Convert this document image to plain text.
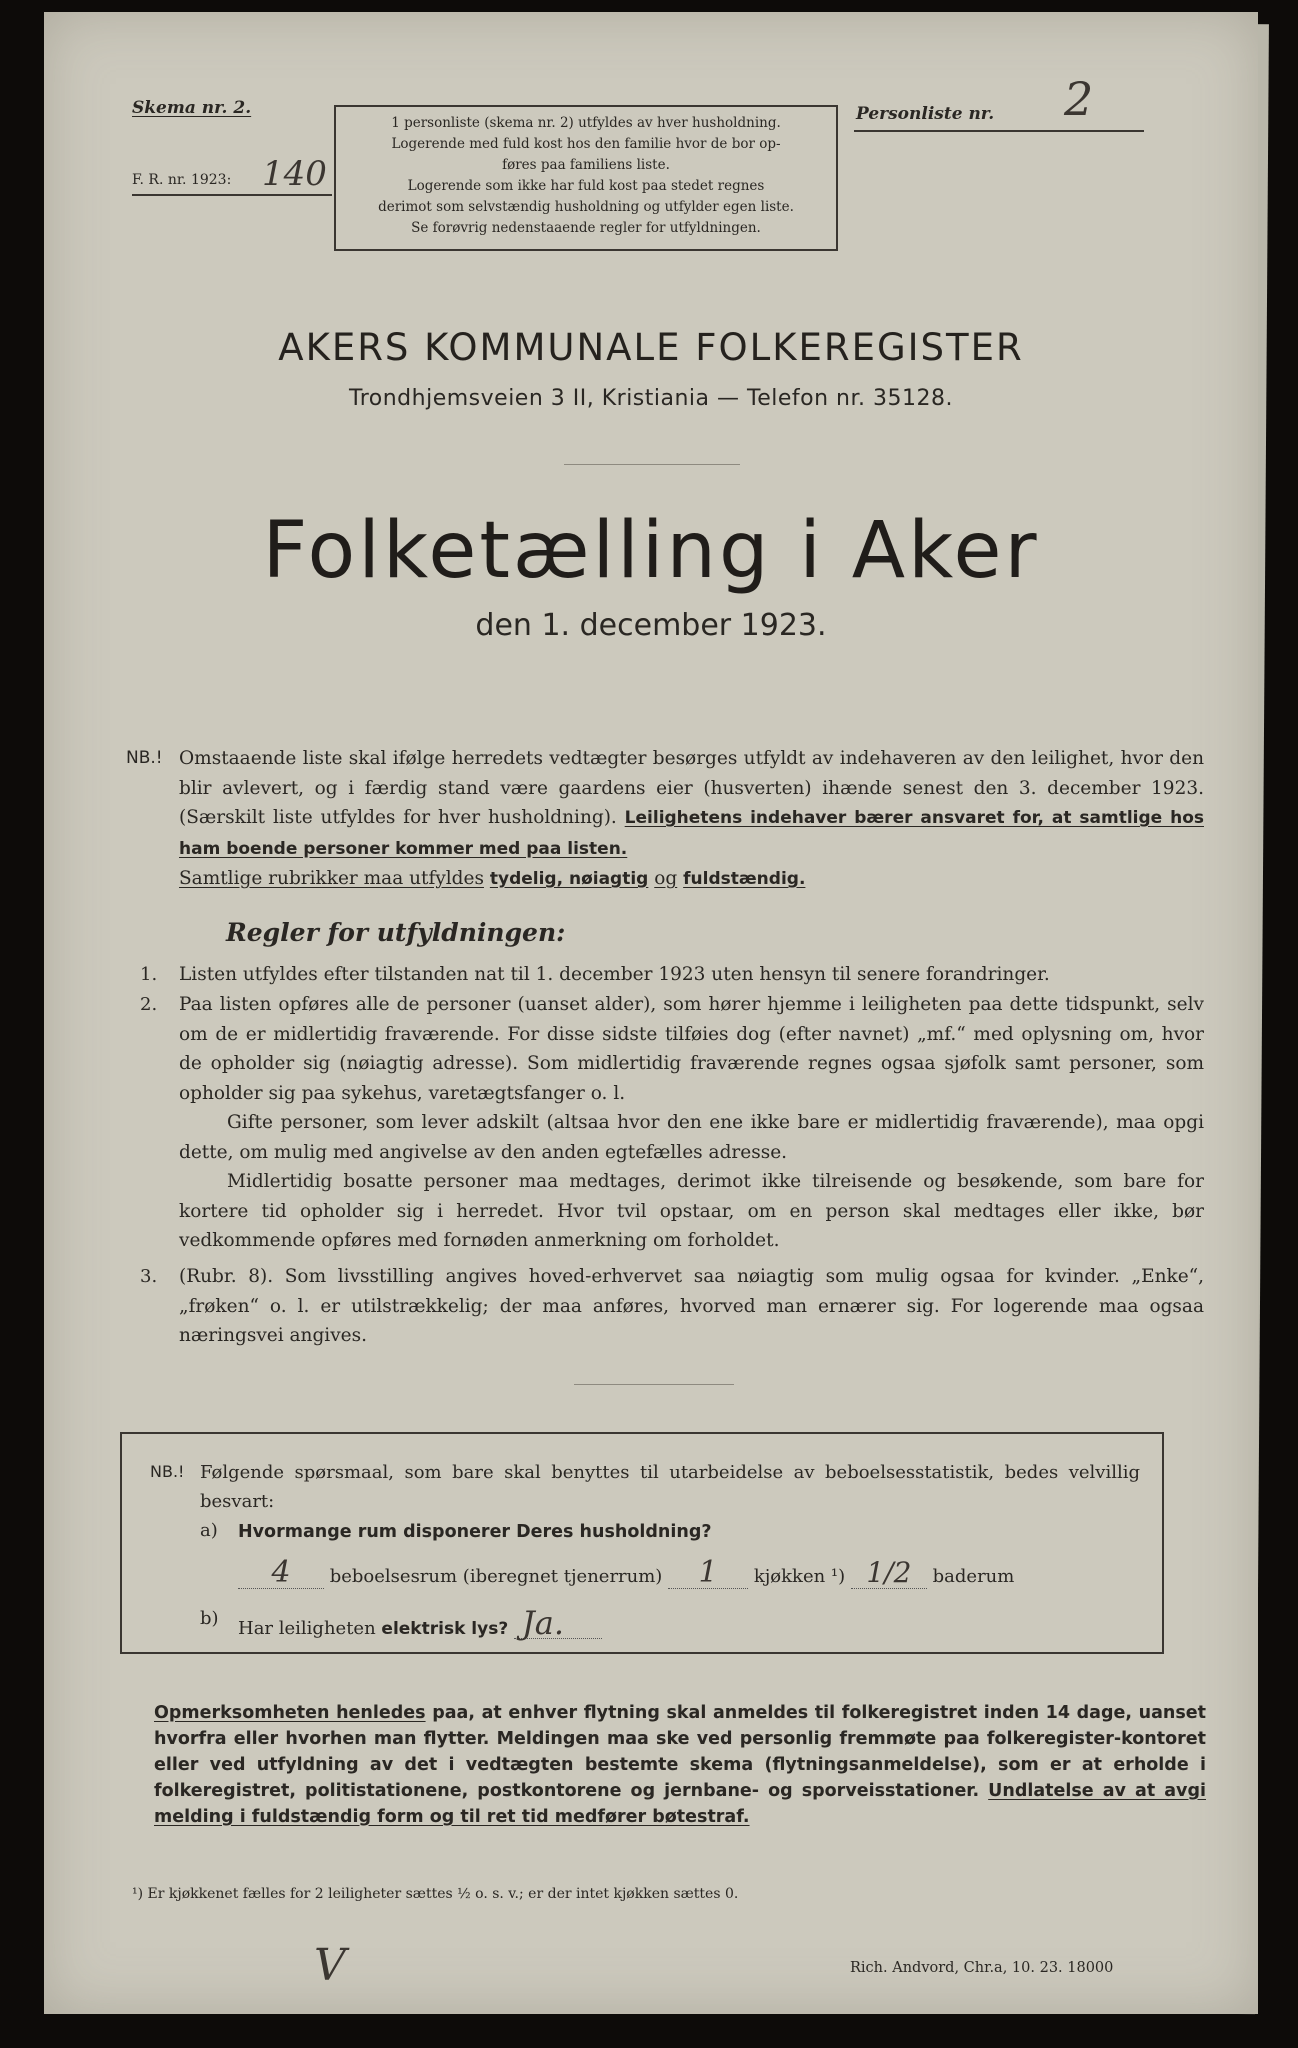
Skema nr. 2.
F. R. nr. 1923: 140
1 personliste (skema nr. 2) utfyldes av hver husholdning.
Logerende med fuld kost hos den familie hvor de bor op-
føres paa familiens liste.
Logerende som ikke har fuld kost paa stedet regnes
derimot som selvstændig husholdning og utfylder egen liste.
Se forøvrig nedenstaaende regler for utfyldningen.
Personliste nr. 2
AKERS KOMMUNALE FOLKEREGISTER
Trondhjemsveien 3 II, Kristiania — Telefon nr. 35128.
Folketælling i Aker
den 1. december 1923.
NB.! Omstaaende liste skal ifølge herredets vedtægter besørges utfyldt av indehaveren av den leilighet, hvor den blir avlevert, og i færdig stand være gaardens eier (husverten) ihænde senest den 3. december 1923. (Særskilt liste utfyldes for hver husholdning). Leilighetens indehaver bærer ansvaret for, at samtlige hos ham boende personer kommer med paa listen.
Samtlige rubrikker maa utfyldes tydelig, nøiagtig og fuldstændig.
Regler for utfyldningen:
1. Listen utfyldes efter tilstanden nat til 1. december 1923 uten hensyn til senere forandringer.
2. Paa listen opføres alle de personer (uanset alder), som hører hjemme i leiligheten paa dette tidspunkt, selv om de er midlertidig fraværende. For disse sidste tilføies dog (efter navnet) „mf.“ med oplysning om, hvor de opholder sig (nøiagtig adresse). Som midlertidig fraværende regnes ogsaa sjøfolk samt personer, som opholder sig paa sykehus, varetægtsfanger o. l.
Gifte personer, som lever adskilt (altsaa hvor den ene ikke bare er midlertidig fraværende), maa opgi dette, om mulig med angivelse av den anden egtefælles adresse.
Midlertidig bosatte personer maa medtages, derimot ikke tilreisende og besøkende, som bare for kortere tid opholder sig i herredet. Hvor tvil opstaar, om en person skal medtages eller ikke, bør vedkommende opføres med fornøden anmerkning om forholdet.
3. (Rubr. 8). Som livsstilling angives hoved-erhvervet saa nøiagtig som mulig ogsaa for kvinder. „Enke“, „frøken“ o. l. er utilstrækkelig; der maa anføres, hvorved man ernærer sig. For logerende maa ogsaa næringsvei angives.
NB.! Følgende spørsmaal, som bare skal benyttes til utarbeidelse av beboelsesstatistik, bedes velvillig besvart:
a) Hvormange rum disponerer Deres husholdning?
4 beboelsesrum (iberegnet tjenerrum) 1 kjøkken ¹) 1/2 baderum
b) Har leiligheten elektrisk lys? Ja.
Opmerksomheten henledes paa, at enhver flytning skal anmeldes til folkeregistret inden 14 dage, uanset hvorfra eller hvorhen man flytter. Meldingen maa ske ved personlig fremmøte paa folkeregister-kontoret eller ved utfyldning av det i vedtægten bestemte skema (flytningsanmeldelse), som er at erholde i folkeregistret, politistationene, postkontorene og jernbane- og sporveisstationer. Undlatelse av at avgi melding i fuldstændig form og til ret tid medfører bøtestraf.
¹) Er kjøkkenet fælles for 2 leiligheter sættes ½ o. s. v.; er der intet kjøkken sættes 0.
V	Rich. Andvord, Chr.a, 10. 23. 18000
